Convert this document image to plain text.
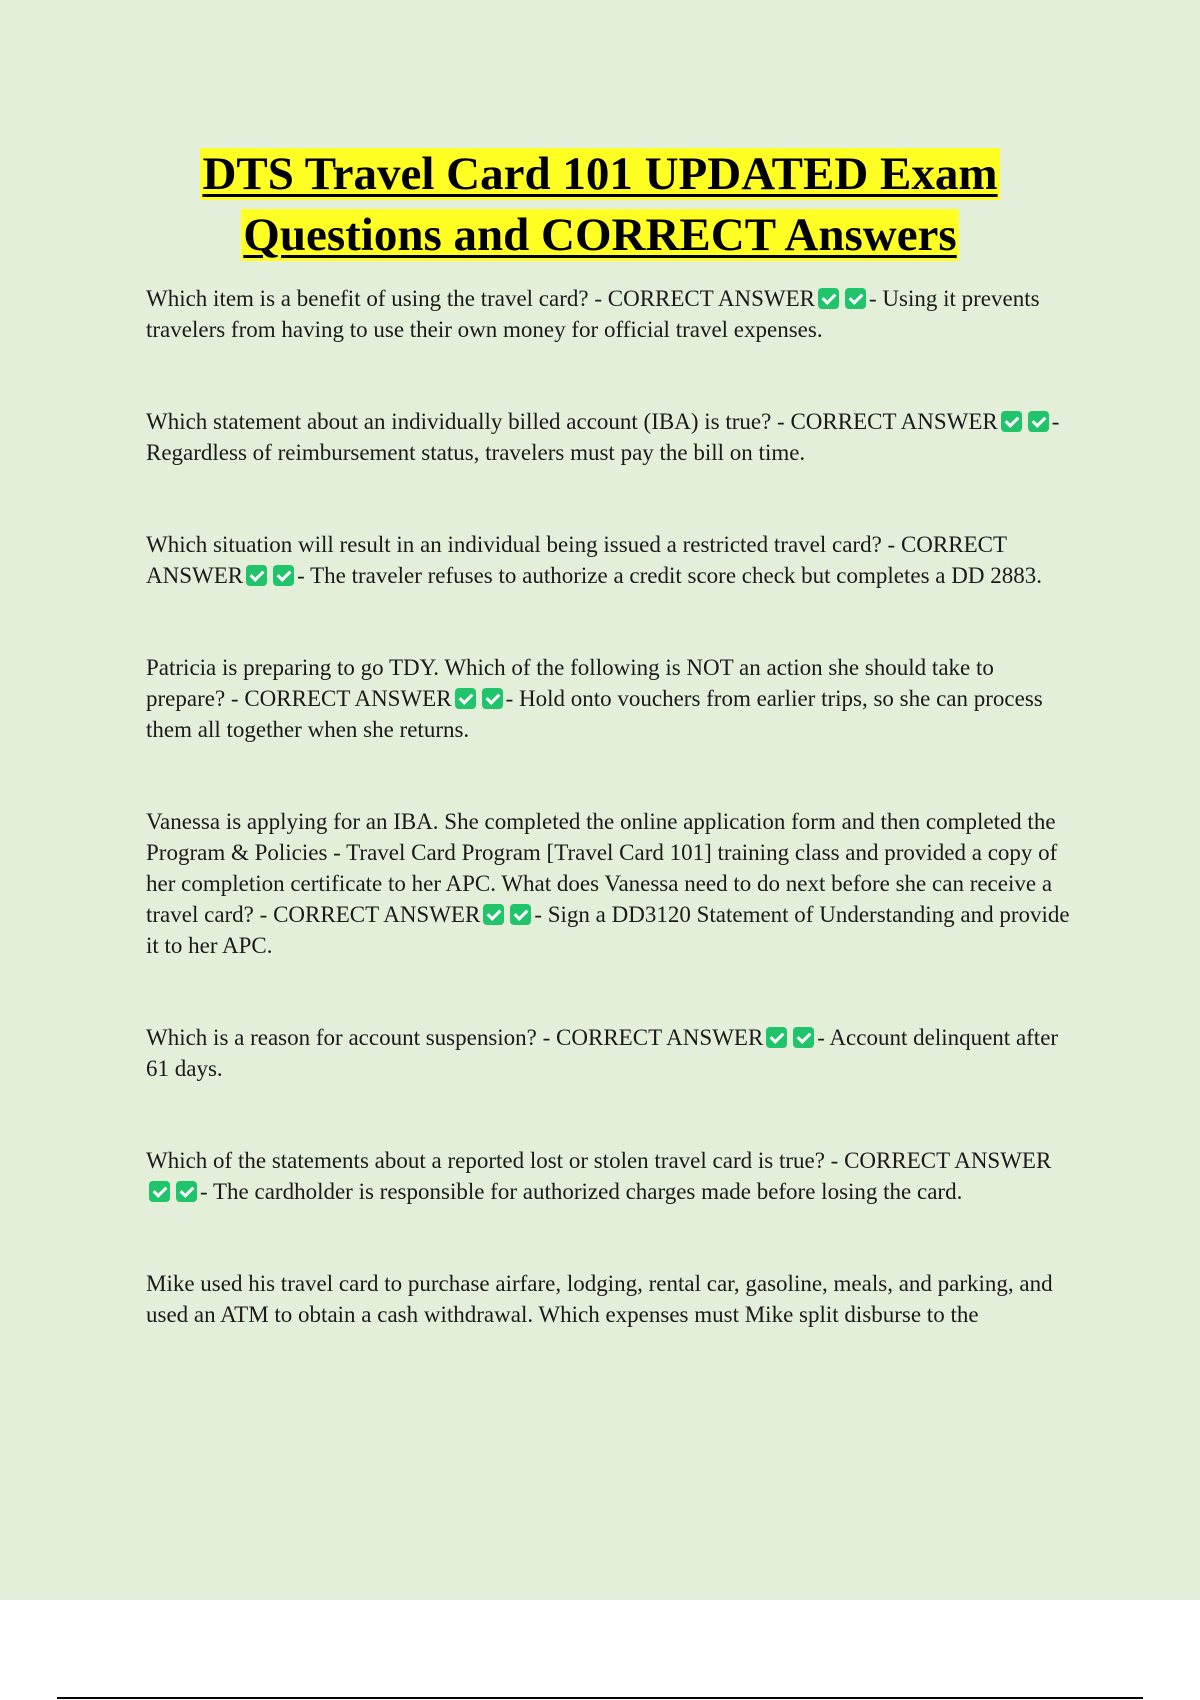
DTS Travel Card 101 UPDATED Exam
Questions and CORRECT Answers
Which item is a benefit of using the travel card? - CORRECT ANSWER - Using it prevents travelers from having to use their own money for official travel expenses.
Which statement about an individually billed account (IBA) is true? - CORRECT ANSWER - Regardless of reimbursement status, travelers must pay the bill on time.
Which situation will result in an individual being issued a restricted travel card? - CORRECT ANSWER - The traveler refuses to authorize a credit score check but completes a DD 2883.
Patricia is preparing to go TDY. Which of the following is NOT an action she should take to prepare? - CORRECT ANSWER - Hold onto vouchers from earlier trips, so she can process them all together when she returns.
Vanessa is applying for an IBA. She completed the online application form and then completed the Program & Policies - Travel Card Program [Travel Card 101] training class and provided a copy of her completion certificate to her APC. What does Vanessa need to do next before she can receive a travel card? - CORRECT ANSWER - Sign a DD3120 Statement of Understanding and provide it to her APC.
Which is a reason for account suspension? - CORRECT ANSWER - Account delinquent after 61 days.
Which of the statements about a reported lost or stolen travel card is true? - CORRECT ANSWER- The cardholder is responsible for authorized charges made before losing the card.
Mike used his travel card to purchase airfare, lodging, rental car, gasoline, meals, and parking, and used an ATM to obtain a cash withdrawal. Which expenses must Mike split disburse to the
